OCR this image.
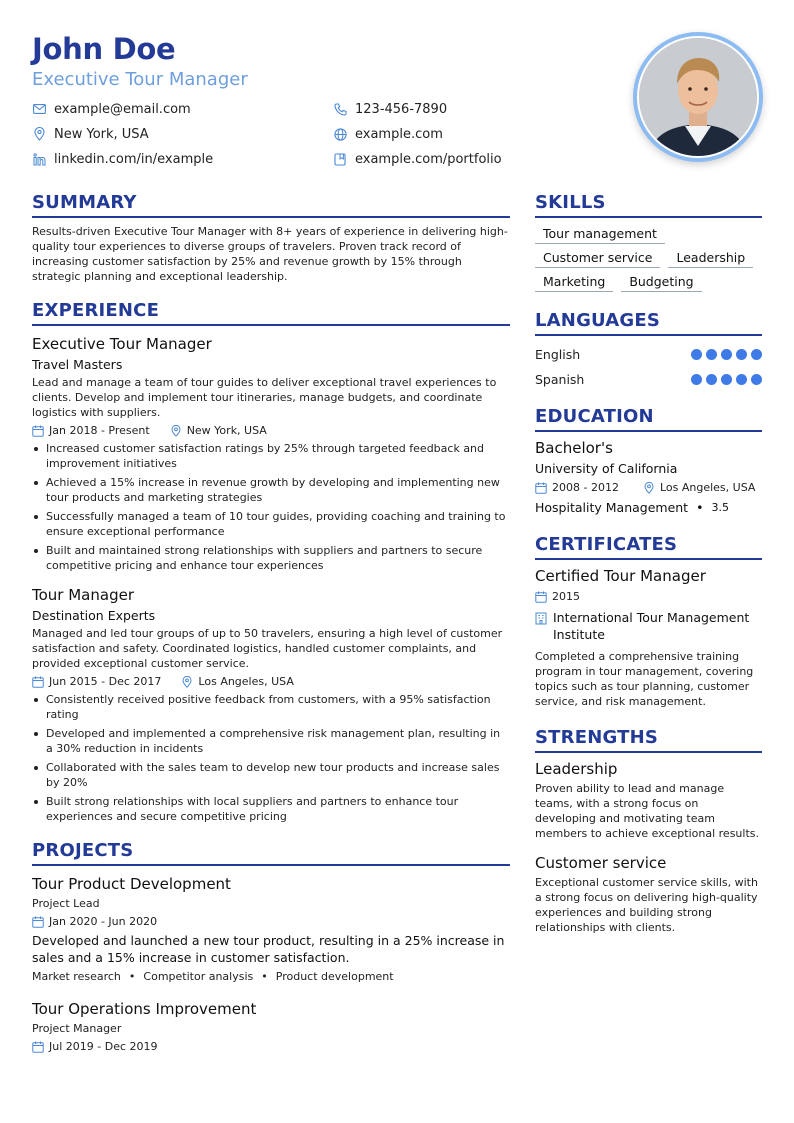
John Doe
Executive Tour Manager
example@email.com	123-456-7890
New York, USA	example.com
linkedin.com/in/example	example.com/portfolio
SUMMARY
Results-driven Executive Tour Manager with 8+ years of experience in delivering high-quality tour experiences to diverse groups of travelers. Proven track record of increasing customer satisfaction by 25% and revenue growth by 15% through strategic planning and exceptional leadership.
EXPERIENCE
Executive Tour Manager
Travel Masters
Lead and manage a team of tour guides to deliver exceptional travel experiences to clients. Develop and implement tour itineraries, manage budgets, and coordinate logistics with suppliers.
Jan 2018 - Present	New York, USA
Increased customer satisfaction ratings by 25% through targeted feedback and improvement initiatives
Achieved a 15% increase in revenue growth by developing and implementing new tour products and marketing strategies
Successfully managed a team of 10 tour guides, providing coaching and training to ensure exceptional performance
Built and maintained strong relationships with suppliers and partners to secure competitive pricing and enhance tour experiences
Tour Manager
Destination Experts
Managed and led tour groups of up to 50 travelers, ensuring a high level of customer satisfaction and safety. Coordinated logistics, handled customer complaints, and provided exceptional customer service.
Jun 2015 - Dec 2017	Los Angeles, USA
Consistently received positive feedback from customers, with a 95% satisfaction rating
Developed and implemented a comprehensive risk management plan, resulting in a 30% reduction in incidents
Collaborated with the sales team to develop new tour products and increase sales by 20%
Built strong relationships with local suppliers and partners to enhance tour experiences and secure competitive pricing
PROJECTS
Tour Product Development
Project Lead
Jan 2020 - Jun 2020
Developed and launched a new tour product, resulting in a 25% increase in sales and a 15% increase in customer satisfaction.
Market research • Competitor analysis • Product development
Tour Operations Improvement
Project Manager
Jul 2019 - Dec 2019
SKILLS
Tour management
Customer service	Leadership
Marketing	Budgeting
LANGUAGES
English
Spanish
EDUCATION
Bachelor's
University of California
2008 - 2012	Los Angeles, USA
Hospitality Management • 3.5
CERTIFICATES
Certified Tour Manager
2015
International Tour Management Institute
Completed a comprehensive training program in tour management, covering topics such as tour planning, customer service, and risk management.
STRENGTHS
Leadership
Proven ability to lead and manage teams, with a strong focus on developing and motivating team members to achieve exceptional results.
Customer service
Exceptional customer service skills, with a strong focus on delivering high-quality experiences and building strong relationships with clients.
